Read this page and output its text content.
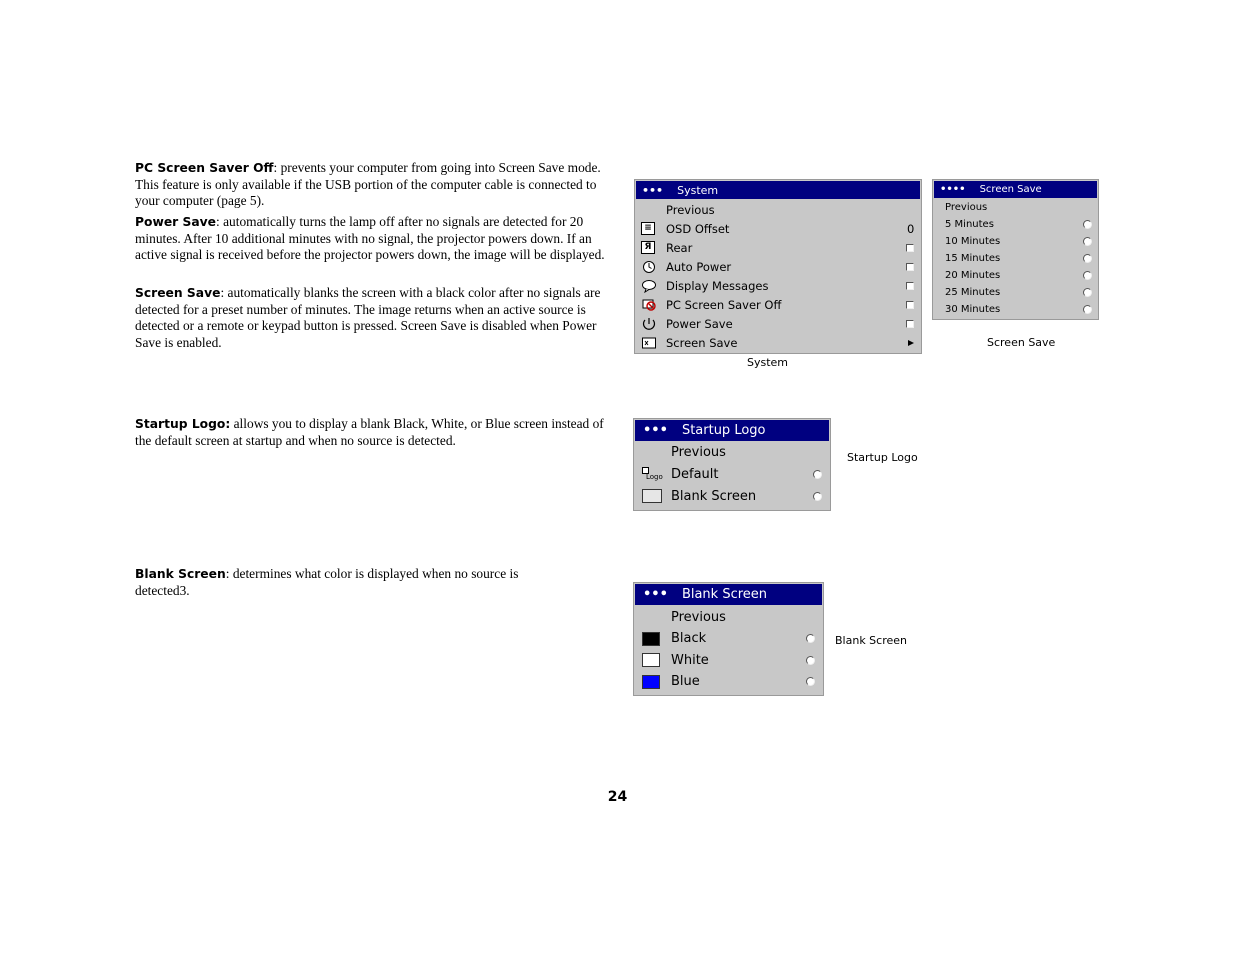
PC Screen Saver Off: prevents your computer from going into Screen Save mode. This feature is only available if the USB portion of the computer cable is connected to your computer (page 5).
Power Save: automatically turns the lamp off after no signals are detected for 20 minutes. After 10 additional minutes with no signal, the projector powers down. If an active signal is received before the projector powers down, the image will be displayed.
Screen Save: automatically blanks the screen with a black color after no signals are detected for a preset number of minutes. The image returns when an active source is detected or a remote or keypad button is pressed. Screen Save is disabled when Power Save is enabled.
Startup Logo: allows you to display a blank Black, White, or Blue screen instead of the default screen at startup and when no source is detected.
Blank Screen: determines what color is displayed when no source is detected3.
••• System
Previous
≡ OSD Offset	0
Я	Rear
Auto Power
Display Messages
PC Screen Saver Off
Power Save
Screen Save
System
•••• Screen Save
Previous
5 Minutes
10 Minutes
15 Minutes
20 Minutes
25 Minutes
30 Minutes
Screen Save
••• Startup Logo
Previous
Logo Default
Blank Screen
Startup Logo
••• Blank Screen
Previous
Black
White
Blue
Blank Screen
24
